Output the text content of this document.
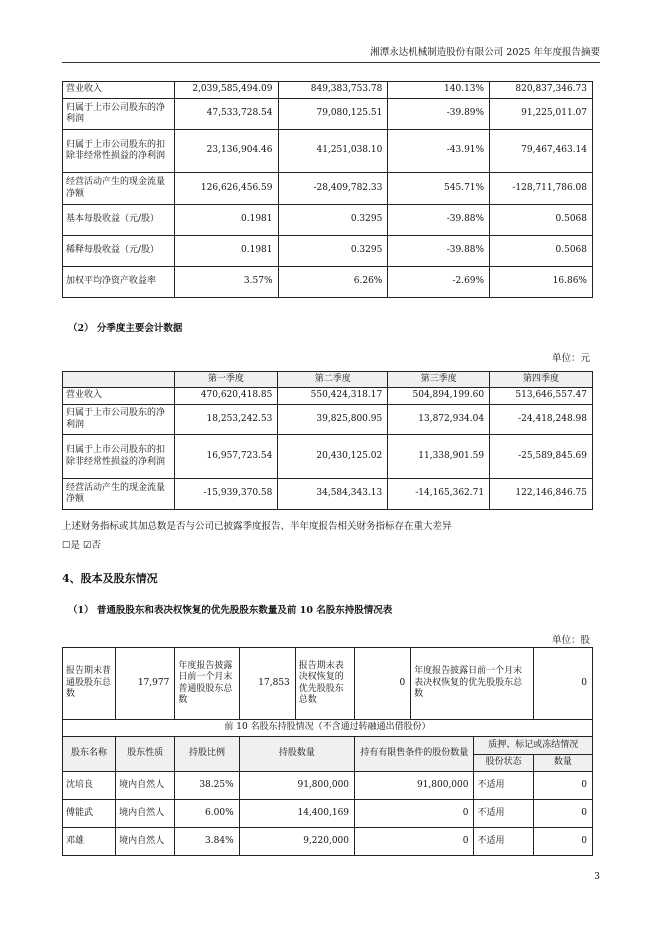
湘潭永达机械制造股份有限公司 2025 年年度报告摘要
营业收入	2,039,585,494.09	849,383,753.78	140.13%	820,837,346.73
归属于上市公司股东的净利润	47,533,728.54	79,080,125.51	-39.89%	91,225,011.07
归属于上市公司股东的扣除非经常性损益的净利润	23,136,904.46	41,251,038.10	-43.91%	79,467,463.14
经营活动产生的现金流量净额	126,626,456.59	-28,409,782.33	545.71%	-128,711,786.08
基本每股收益（元/股）	0.1981	0.3295	-39.88%	0.5068
稀释每股收益（元/股）	0.1981	0.3295	-39.88%	0.5068
加权平均净资产收益率	3.57%	6.26%	-2.69%	16.86%
（2） 分季度主要会计数据
单位：元
	第一季度	第二季度	第三季度	第四季度
营业收入	470,620,418.85	550,424,318.17	504,894,199.60	513,646,557.47
归属于上市公司股东的净利润	18,253,242.53	39,825,800.95	13,872,934.04	-24,418,248.98
归属于上市公司股东的扣除非经常性损益的净利润	16,957,723.54	20,430,125.02	11,338,901.59	-25,589,845.69
经营活动产生的现金流量净额	-15,939,370.58	34,584,343.13	-14,165,362.71	122,146,846.75
上述财务指标或其加总数是否与公司已披露季度报告、半年度报告相关财务指标存在重大差异
☐是 ☑否
4、股本及股东情况
（1） 普通股股东和表决权恢复的优先股股东数量及前 10 名股东持股情况表
单位：股
报告期末普通股股东总数	17,977	年度报告披露日前一个月末普通股股东总数	17,853	报告期末表决权恢复的优先股股东总数	0	年度报告披露日前一个月末表决权恢复的优先股股东总数		0
前 10 名股东持股情况（不含通过转融通出借股份）								
股东名称	股东性质	持股比例	持股数量		持有有限售条件的股份数量		质押、标记或冻结情况	
							股份状态	数量
沈培良	境内自然人	38.25%	91,800,000		91,800,000		不适用	0
傅能武	境内自然人	6.00%	14,400,169		0		不适用	0
邓雄	境内自然人	3.84%	9,220,000		0		不适用	0
3
